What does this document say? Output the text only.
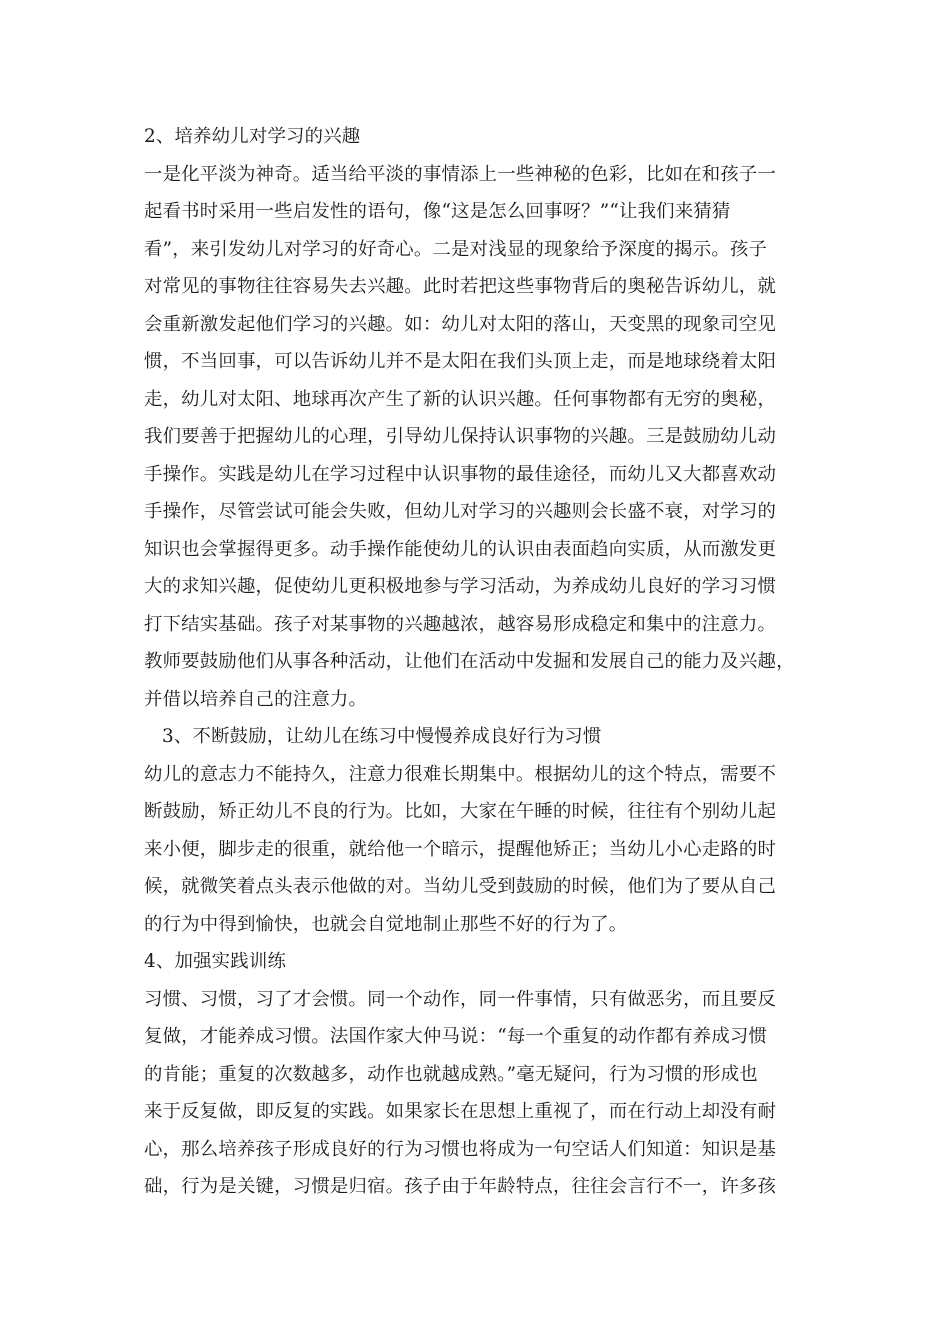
2、培养幼儿对学习的兴趣
一是化平淡为神奇。适当给平淡的事情添上一些神秘的色彩，比如在和孩子一
起看书时采用一些启发性的语句，像“这是怎么回事呀？”“让我们来猜猜
看”，来引发幼儿对学习的好奇心。二是对浅显的现象给予深度的揭示。孩子
对常见的事物往往容易失去兴趣。此时若把这些事物背后的奥秘告诉幼儿，就
会重新激发起他们学习的兴趣。如：幼儿对太阳的落山，天变黑的现象司空见
惯，不当回事，可以告诉幼儿并不是太阳在我们头顶上走，而是地球绕着太阳
走，幼儿对太阳、地球再次产生了新的认识兴趣。任何事物都有无穷的奥秘，
我们要善于把握幼儿的心理，引导幼儿保持认识事物的兴趣。三是鼓励幼儿动
手操作。实践是幼儿在学习过程中认识事物的最佳途径，而幼儿又大都喜欢动
手操作，尽管尝试可能会失败，但幼儿对学习的兴趣则会长盛不衰，对学习的
知识也会掌握得更多。动手操作能使幼儿的认识由表面趋向实质，从而激发更
大的求知兴趣，促使幼儿更积极地参与学习活动，为养成幼儿良好的学习习惯
打下结实基础。孩子对某事物的兴趣越浓，越容易形成稳定和集中的注意力。
教师要鼓励他们从事各种活动，让他们在活动中发掘和发展自己的能力及兴趣，
并借以培养自己的注意力。
3、不断鼓励，让幼儿在练习中慢慢养成良好行为习惯
幼儿的意志力不能持久，注意力很难长期集中。根据幼儿的这个特点，需要不
断鼓励，矫正幼儿不良的行为。比如，大家在午睡的时候，往往有个别幼儿起
来小便，脚步走的很重，就给他一个暗示，提醒他矫正；当幼儿小心走路的时
候，就微笑着点头表示他做的对。当幼儿受到鼓励的时候，他们为了要从自己
的行为中得到愉快，也就会自觉地制止那些不好的行为了。
4、加强实践训练
习惯、习惯，习了才会惯。同一个动作，同一件事情，只有做恶劣，而且要反
复做，才能养成习惯。法国作家大仲马说：“每一个重复的动作都有养成习惯
的肯能；重复的次数越多，动作也就越成熟。”毫无疑问，行为习惯的形成也
来于反复做，即反复的实践。如果家长在思想上重视了，而在行动上却没有耐
心，那么培养孩子形成良好的行为习惯也将成为一句空话人们知道：知识是基
础，行为是关键，习惯是归宿。孩子由于年龄特点，往往会言行不一，许多孩
